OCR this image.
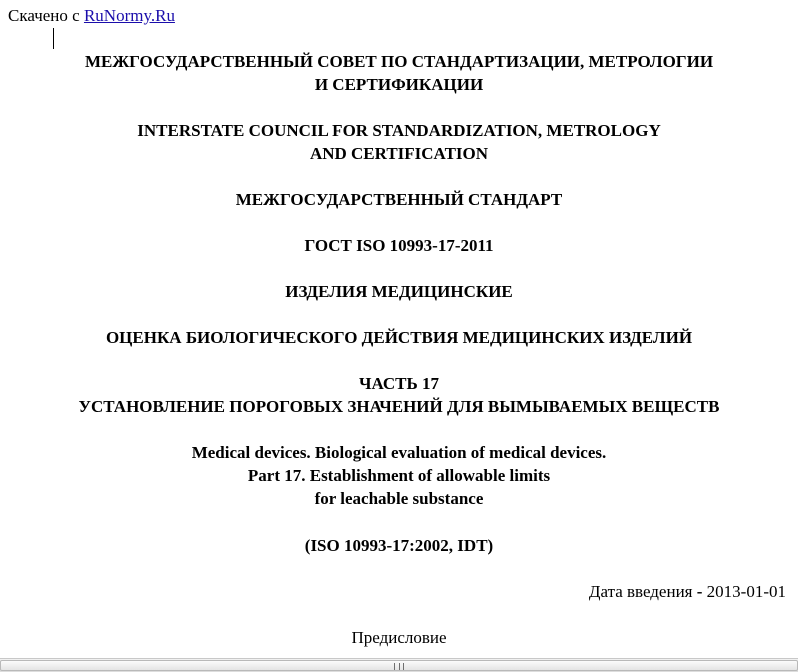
Скачено с RuNormy.Ru
МЕЖГОСУДАРСТВЕННЫЙ СОВЕТ ПО СТАНДАРТИЗАЦИИ, МЕТРОЛОГИИ
И СЕРТИФИКАЦИИ
INTERSTATE COUNCIL FOR STANDARDIZATION, METROLOGY
AND CERTIFICATION
МЕЖГОСУДАРСТВЕННЫЙ СТАНДАРТ
ГОСТ ISO 10993-17-2011
ИЗДЕЛИЯ МЕДИЦИНСКИЕ
ОЦЕНКА БИОЛОГИЧЕСКОГО ДЕЙСТВИЯ МЕДИЦИНСКИХ ИЗДЕЛИЙ
ЧАСТЬ 17
УСТАНОВЛЕНИЕ ПОРОГОВЫХ ЗНАЧЕНИЙ ДЛЯ ВЫМЫВАЕМЫХ ВЕЩЕСТВ
Medical devices. Biological evaluation of medical devices.
Part 17. Establishment of allowable limits
for leachable substance
(ISO 10993-17:2002, IDT)
Дата введения - 2013-01-01
Предисловие
